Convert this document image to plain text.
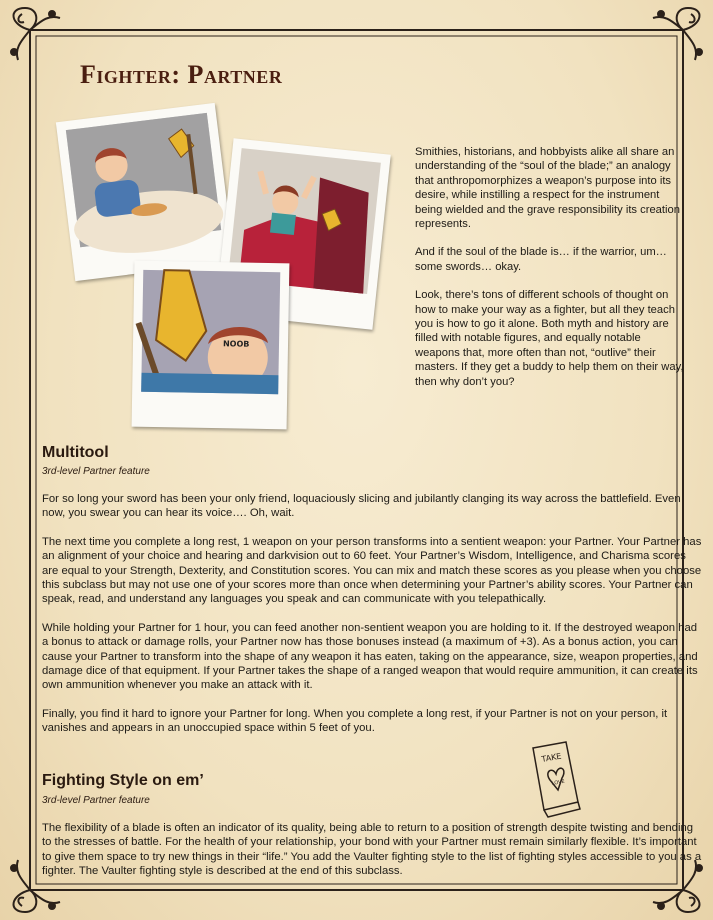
Fighter: Partner
NOOB

Smithies, historians, and hobbyists alike all share an understanding of the “soul of the blade;” an analogy that anthropomorphizes a weapon’s purpose into its desire, while instilling a respect for the instrument being wielded and the grave responsibility its creation represents.

And if the soul of the blade is… if the warrior, um… some swords… okay.

Look, there’s tons of different schools of thought on how to make your way as a fighter, but all they teach you is how to go it alone. Both myth and history are filled with notable figures, and equally notable weapons that, more often than not, “outlive” their masters. If they get a buddy to help them on their way, then why don’t you?

Multitool

3rd-level Partner feature

For so long your sword has been your only friend, loquaciously slicing and jubilantly clanging its way across the battlefield. Even now, you swear you can hear its voice…. Oh, wait.

The next time you complete a long rest, 1 weapon on your person transforms into a sentient weapon: your Partner. Your Partner has an alignment of your choice and hearing and darkvision out to 60 feet. Your Partner’s Wisdom, Intelligence, and Charisma scores are equal to your Strength, Dexterity, and Constitution scores. You can mix and match these scores as you please when you choose this subclass but may not use one of your scores more than once when determining your Partner’s ability scores. Your Partner can speak, read, and understand any languages you speak and can communicate with you telepathically.

While holding your Partner for 1 hour, you can feed another non-sentient weapon you are holding to it. If the destroyed weapon had a bonus to attack or damage rolls, your Partner now has those bonuses instead (a maximum of +3). As a bonus action, you can cause your Partner to transform into the shape of any weapon it has eaten, taking on the appearance, size, weapon properties, and damage dice of that equipment. If your Partner takes the shape of a ranged weapon that would require ammunition, it can create its own ammunition whenever you make an attack with it.

Finally, you find it hard to ignore your Partner for long. When you complete a long rest, if your Partner is not on your person, it vanishes and appears in an unoccupied space within 5 feet of you.

TAKE
LOVE
Fighting Style on em’

3rd-level Partner feature

The flexibility of a blade is often an indicator of its quality, being able to return to a position of strength despite twisting and bending to the stresses of battle. For the health of your relationship, your bond with your Partner must remain similarly flexible. It’s important to give them space to try new things in their “life.” You add the Vaulter fighting style to the list of fighting styles accessible to you as a fighter. The Vaulter fighting style is described at the end of this subclass.
